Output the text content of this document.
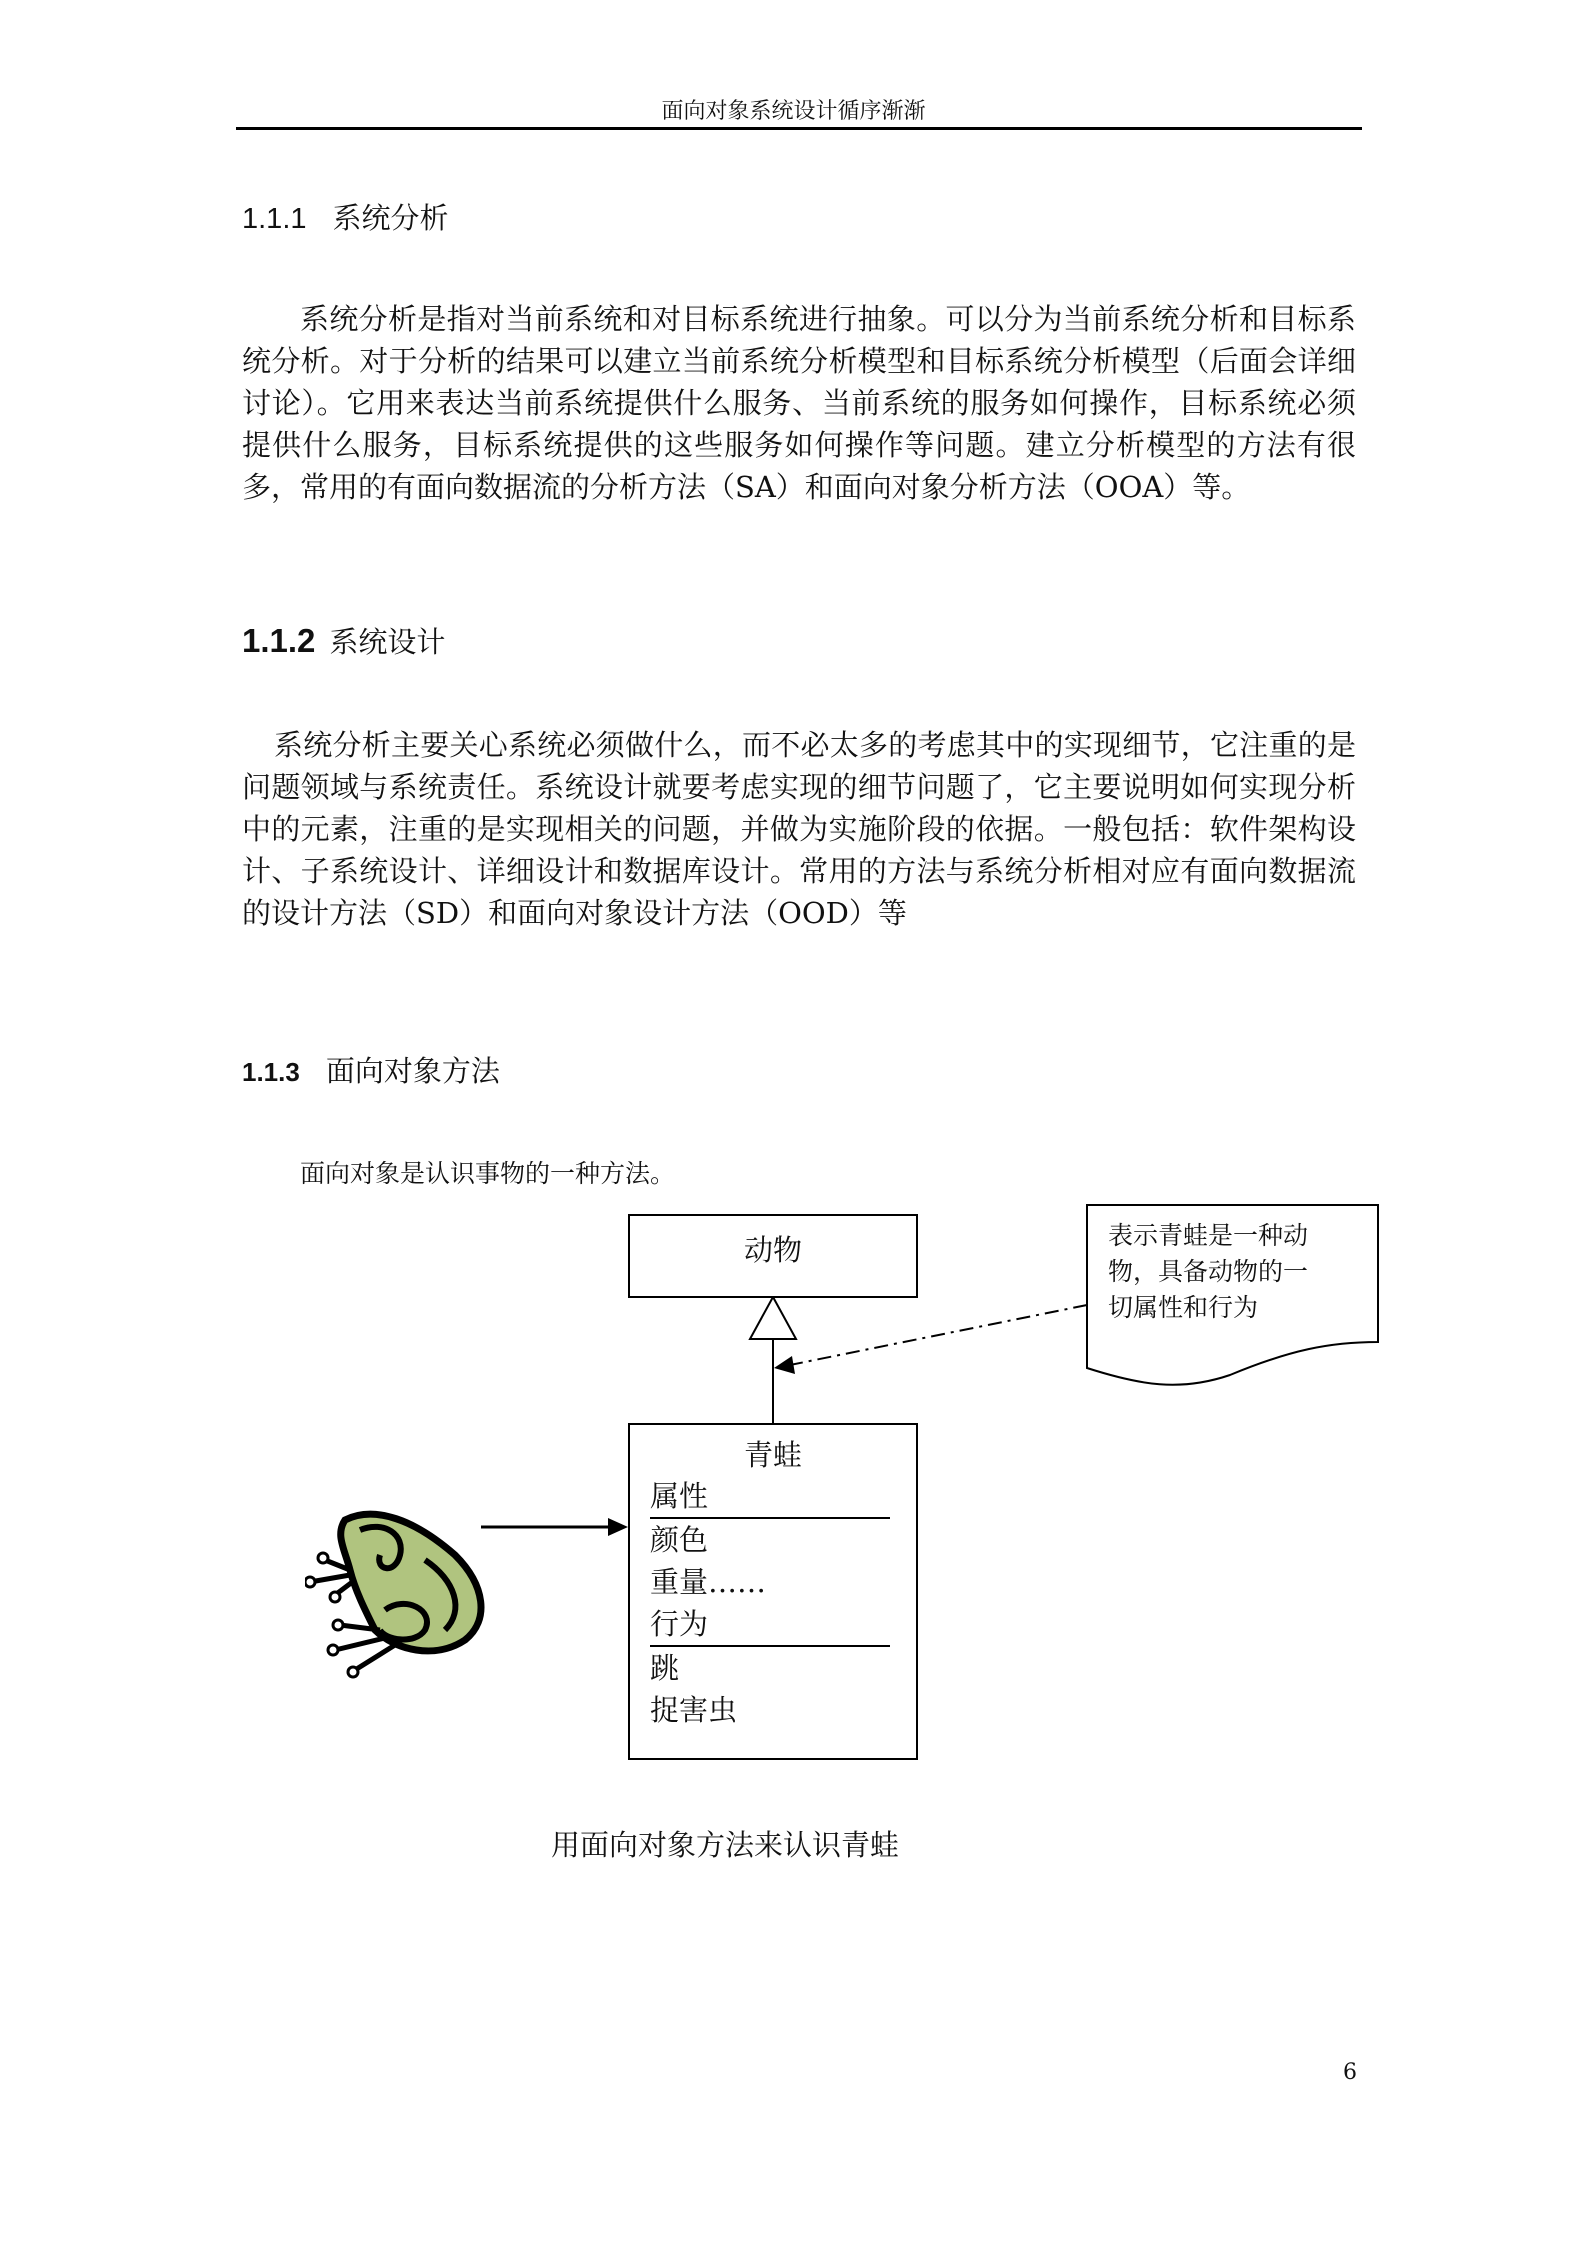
面向对象系统设计循序渐渐
1.1.1 系统分析
系统分析是指对当前系统和对目标系统进行抽象。可以分为当前系统分析和目标系统分析。对于分析的结果可以建立当前系统分析模型和目标系统分析模型（后面会详细讨论）。它用来表达当前系统提供什么服务、当前系统的服务如何操作，目标系统必须提供什么服务，目标系统提供的这些服务如何操作等问题。建立分析模型的方法有很多，常用的有面向数据流的分析方法（SA）和面向对象分析方法（OOA）等。
1.1.2 系统设计
系统分析主要关心系统必须做什么，而不必太多的考虑其中的实现细节，它注重的是问题领域与系统责任。系统设计就要考虑实现的细节问题了，它主要说明如何实现分析中的元素，注重的是实现相关的问题，并做为实施阶段的依据。一般包括：软件架构设计、子系统设计、详细设计和数据库设计。常用的方法与系统分析相对应有面向数据流的设计方法（SD）和面向对象设计方法（OOD）等
1.1.3 面向对象方法
面向对象是认识事物的一种方法。
动物
青蛙
属性
颜色
重量……
行为
跳
捉害虫
表示青蛙是一种动
物，具备动物的一
切属性和行为
用面向对象方法来认识青蛙
6
